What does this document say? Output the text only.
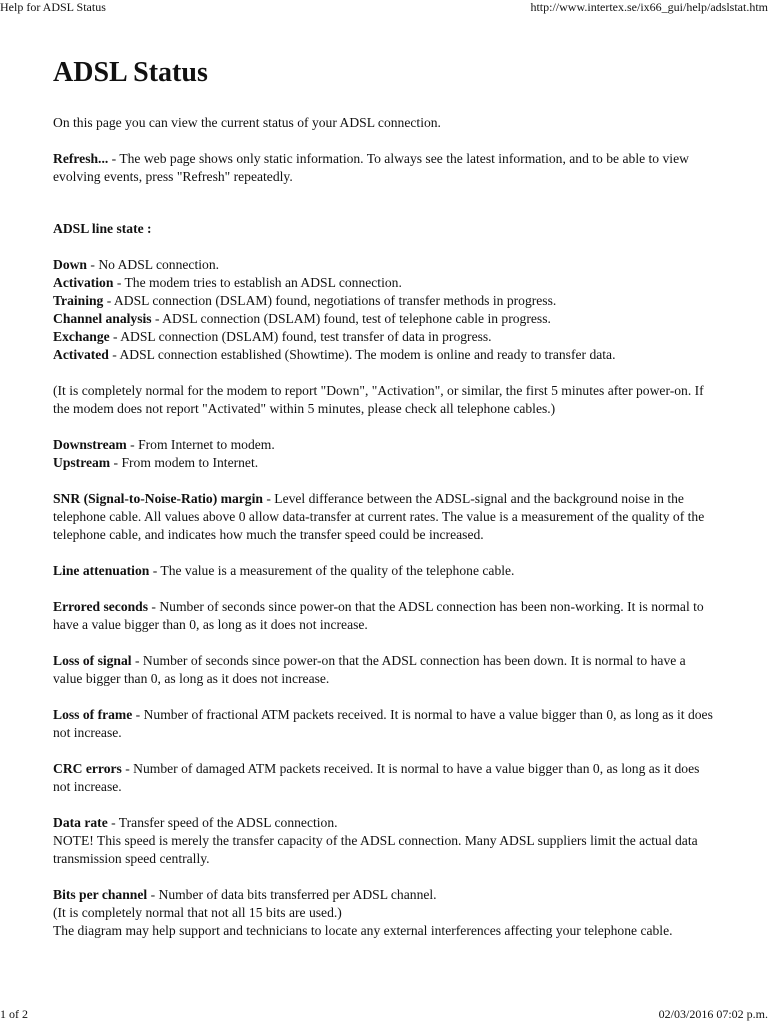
Help for ADSL Status	http://www.intertex.se/ix66_gui/help/adslstat.htm
ADSL Status

On this page you can view the current status of your ADSL connection.

Refresh... - The web page shows only static information. To always see the latest information, and to be able to view evolving events, press "Refresh" repeatedly.

ADSL line state :

Down - No ADSL connection.
Activation - The modem tries to establish an ADSL connection.
Training - ADSL connection (DSLAM) found, negotiations of transfer methods in progress.
Channel analysis - ADSL connection (DSLAM) found, test of telephone cable in progress.
Exchange - ADSL connection (DSLAM) found, test transfer of data in progress.
Activated - ADSL connection established (Showtime). The modem is online and ready to transfer data.

(It is completely normal for the modem to report "Down", "Activation", or similar, the first 5 minutes after power-on. If the modem does not report "Activated" within 5 minutes, please check all telephone cables.)

Downstream - From Internet to modem.
Upstream - From modem to Internet.

SNR (Signal-to-Noise-Ratio) margin - Level differance between the ADSL-signal and the background noise in the telephone cable. All values above 0 allow data-transfer at current rates. The value is a measurement of the quality of the telephone cable, and indicates how much the transfer speed could be increased.

Line attenuation - The value is a measurement of the quality of the telephone cable.

Errored seconds - Number of seconds since power-on that the ADSL connection has been non-working. It is normal to have a value bigger than 0, as long as it does not increase.

Loss of signal - Number of seconds since power-on that the ADSL connection has been down. It is normal to have a value bigger than 0, as long as it does not increase.

Loss of frame - Number of fractional ATM packets received. It is normal to have a value bigger than 0, as long as it does not increase.

CRC errors - Number of damaged ATM packets received. It is normal to have a value bigger than 0, as long as it does not increase.

Data rate - Transfer speed of the ADSL connection.
NOTE! This speed is merely the transfer capacity of the ADSL connection. Many ADSL suppliers limit the actual data transmission speed centrally.

Bits per channel - Number of data bits transferred per ADSL channel.
(It is completely normal that not all 15 bits are used.)
The diagram may help support and technicians to locate any external interferences affecting your telephone cable.

1 of 2	02/03/2016 07:02 p.m.
